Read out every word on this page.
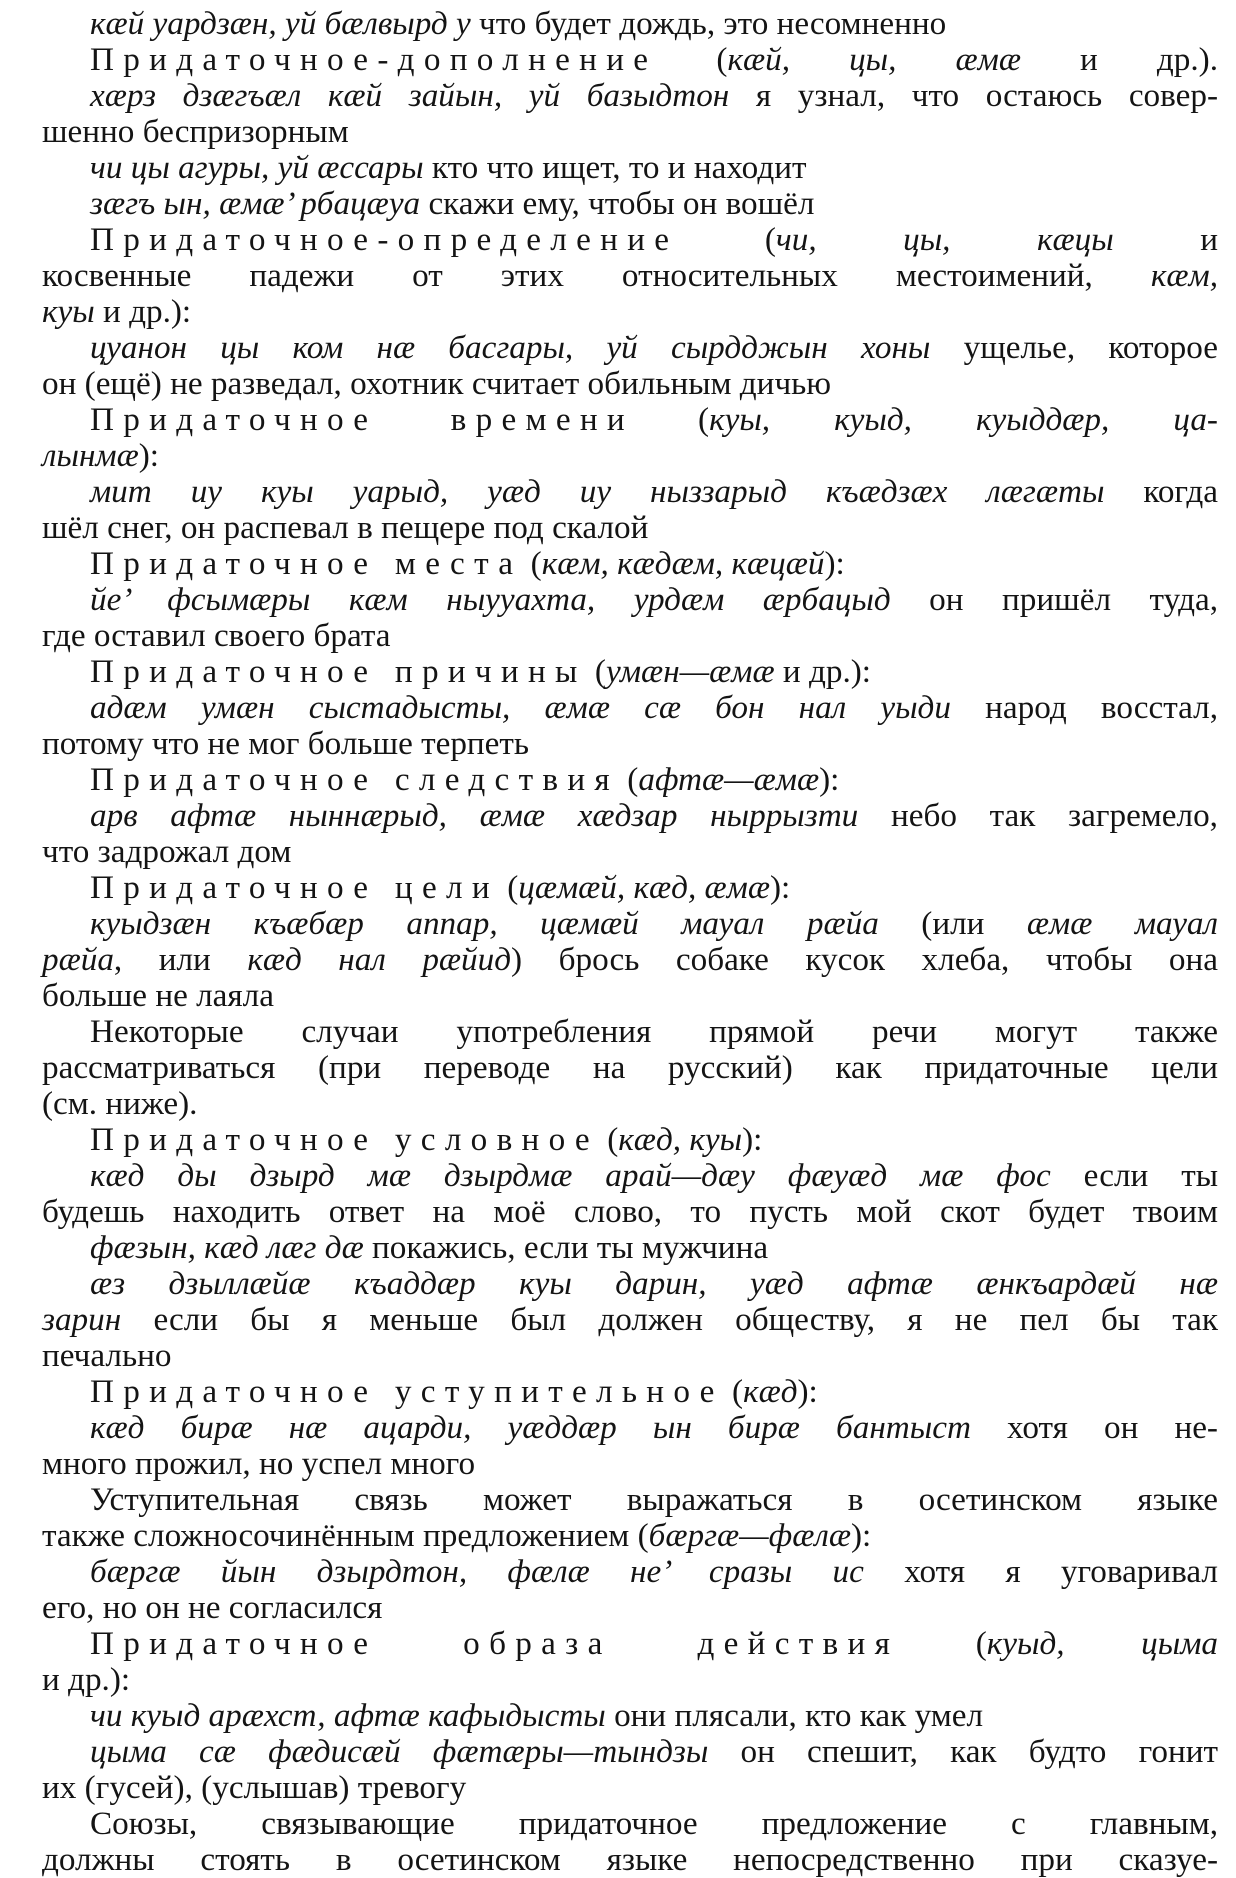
кæй уардзæн, уй бæлвырд у что будет дождь, это несомненно
Придаточное-дополнение (кæй, цы, æмæ и др.).
хæрз дзæгъæл кæй зайын, уй базыдтон я узнал, что остаюсь совер-
шенно беспризорным
чи цы агуры, уй æссары кто что ищет, то и находит
зæгъ ын, æмæ’ рбацæуа скажи ему, чтобы он вошёл
Придаточное-определение (чи, цы, кæцы и
косвенные падежи от этих относительных местоимений, кæм,
куы и др.):
цуанон цы ком нæ басгары, уй сырдджын хоны ущелье, которое
он (ещё) не разведал, охотник считает обильным дичью
Придаточное времени (куы, куыд, куыддæр, ца-
лынмæ):
мит иу куы уарыд, уæд иу ныззарыд къæдзæх лæгæты когда
шёл снег, он распевал в пещере под скалой
Придаточное места (кæм, кæдæм, кæцæй):
йе’ фсымæры кæм ныууахта, урдæм æрбацыд он пришёл туда,
где оставил своего брата
Придаточное причины (умæн—æмæ и др.):
адæм умæн сыстадысты, æмæ сæ бон нал уыди народ восстал,
потому что не мог больше терпеть
Придаточное следствия (афтæ—æмæ):
арв афтæ ныннæрыд, æмæ хæдзар ныррызти небо так загремело,
что задрожал дом
Придаточное цели (цæмæй, кæд, æмæ):
куыдзæн къæбæр аппар, цæмæй мауал рæйа (или æмæ мауал
рæйа, или кæд нал рæйид) брось собаке кусок хлеба, чтобы она
больше не лаяла
Некоторые случаи употребления прямой речи могут также
рассматриваться (при переводе на русский) как придаточные цели
(см. ниже).
Придаточное условное (кæд, куы):
кæд ды дзырд мæ дзырдмæ арай—дæу фæуæд мæ фос если ты
будешь находить ответ на моё слово, то пусть мой скот будет твоим
фæзын, кæд лæг дæ покажись, если ты мужчина
æз дзыллæйæ къаддæр куы дарин, уæд афтæ æнкъардæй нæ
зарин если бы я меньше был должен обществу, я не пел бы так
печально
Придаточное уступительное (кæд):
кæд бирæ нæ ацарди, уæддæр ын бирæ бантыст хотя он не-
много прожил, но успел много
Уступительная связь может выражаться в осетинском языке
также сложносочинённым предложением (бæргæ—фæлæ):
бæргæ йын дзырдтон, фæлæ не’ сразы ис хотя я уговаривал
его, но он не согласился
Придаточное образа действия (куыд, цыма
и др.):
чи куыд арæхст, афтæ кафыдысты они плясали, кто как умел
цыма сæ фæдисæй фæтæры—тындзы он спешит, как будто гонит
их (гусей), (услышав) тревогу
Союзы, связывающие придаточное предложение с главным,
должны стоять в осетинском языке непосредственно при сказуе-
